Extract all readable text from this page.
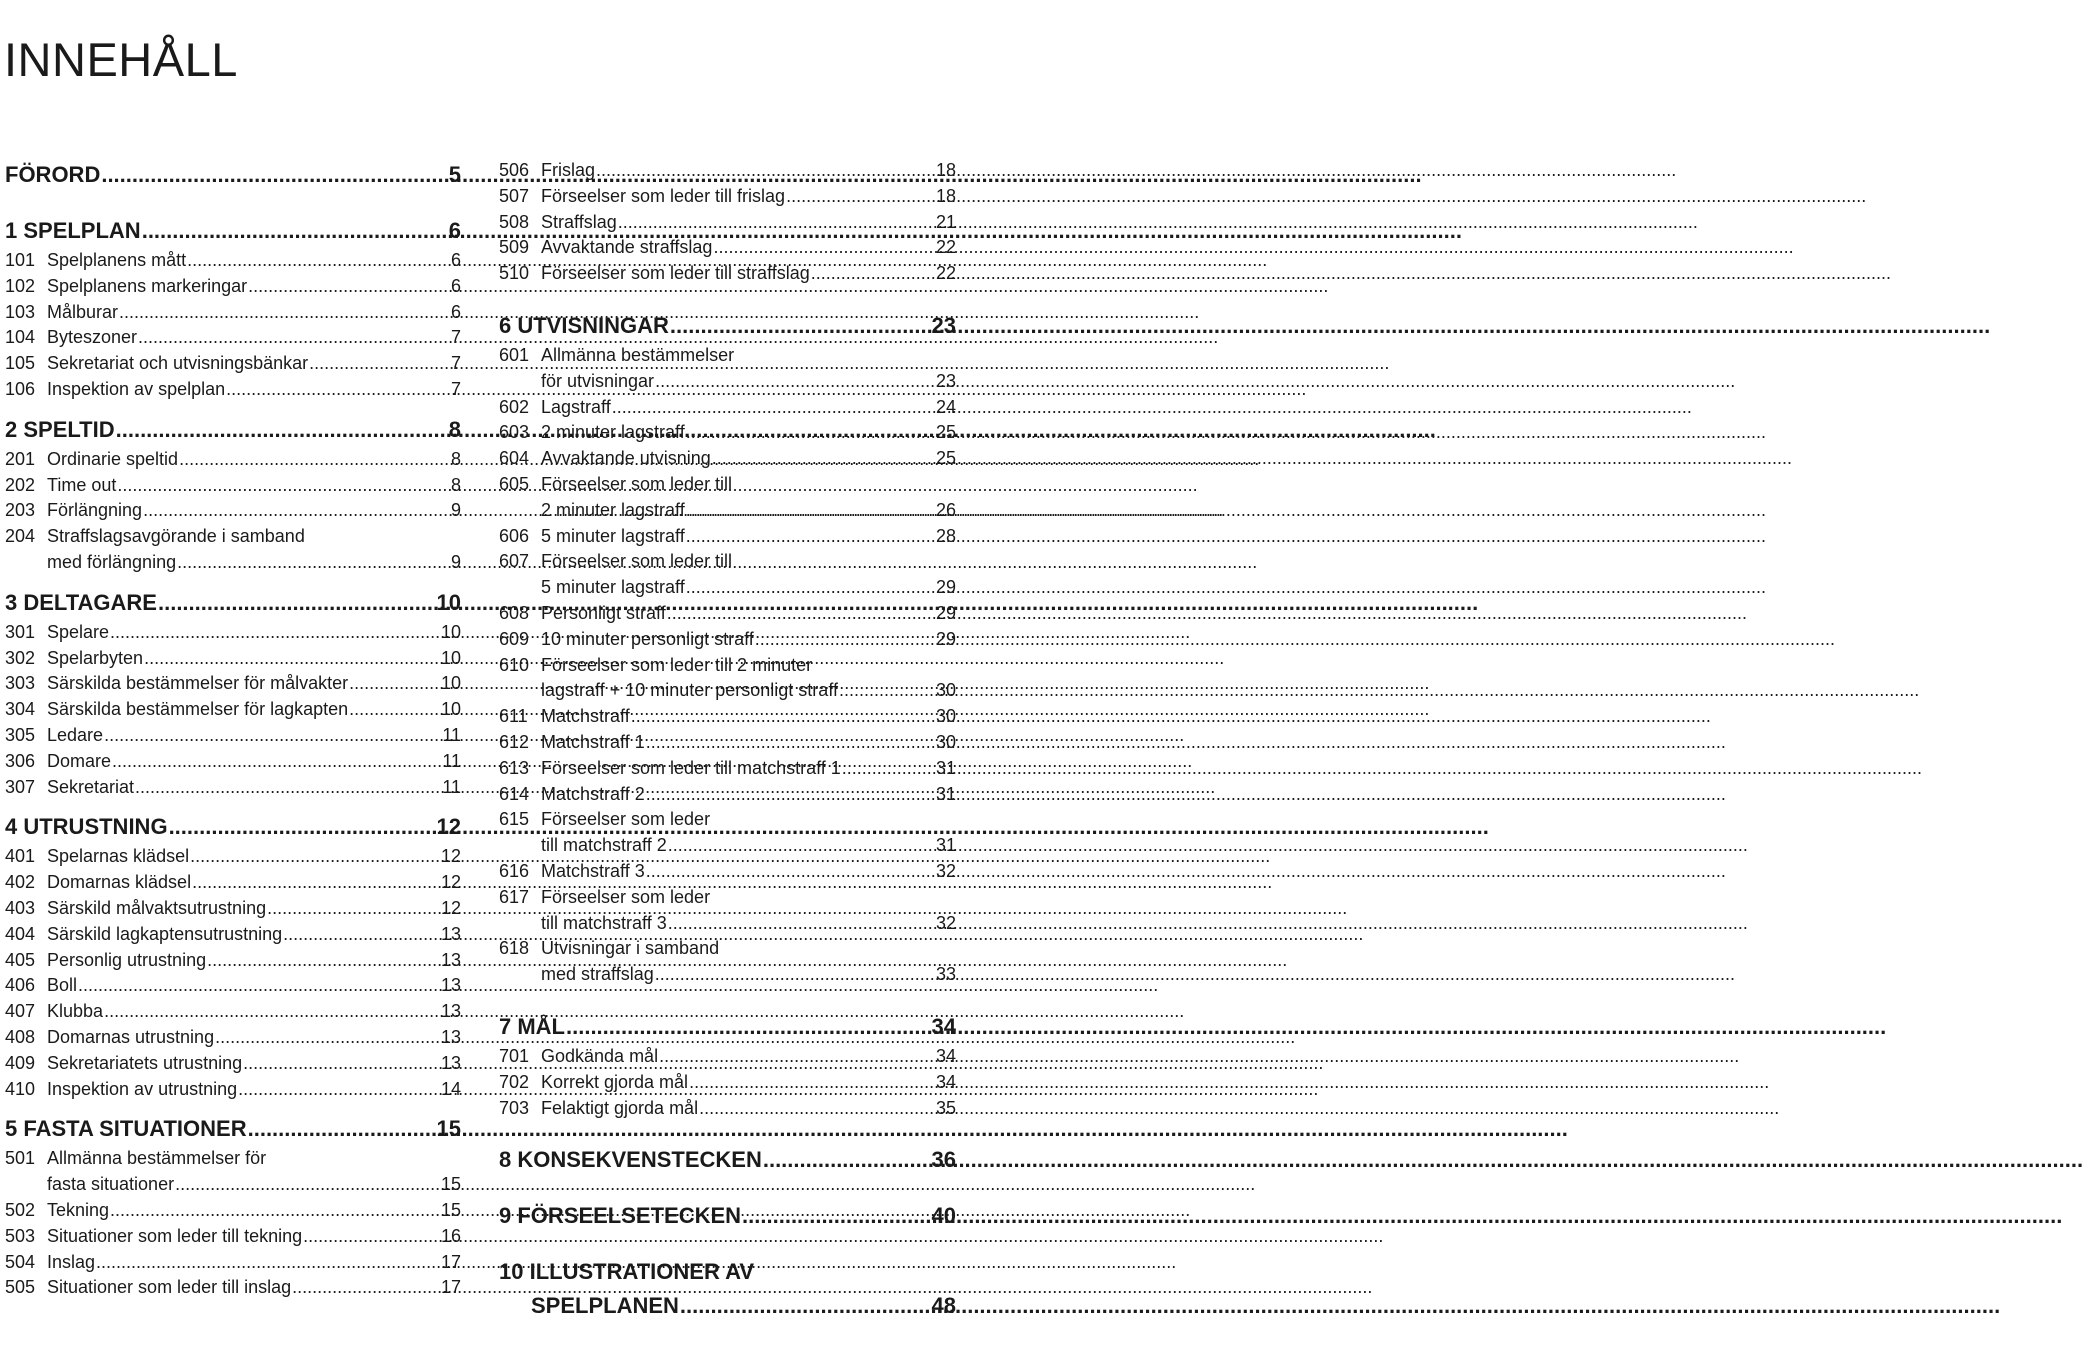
INNEHÅLL
FÖRORD .....	5
1 SPELPLAN .....	6
101 Spelplanens mått .....	6
102 Spelplanens markeringar .....	6
103 Målburar .....	6
104 Byteszoner .....	7
105 Sekretariat och utvisningsbänkar .....	7
106 Inspektion av spelplan .....	7
2 SPELTID .....	8
201 Ordinarie speltid .....	8
202 Time out .....	8
203 Förlängning .....	9
204 Straffslagsavgörande i samband
med förlängning .....	9
3 DELTAGARE .....	10
301 Spelare .....	10
302 Spelarbyten .....	10
303 Särskilda bestämmelser för målvakter .....	10
304 Särskilda bestämmelser för lagkapten .....	10
305 Ledare .....	11
306 Domare .....	11
307 Sekretariat .....	11
4 UTRUSTNING .....	12
401 Spelarnas klädsel .....	12
402 Domarnas klädsel .....	12
403 Särskild målvaktsutrustning .....	12
404 Särskild lagkaptensutrustning .....	13
405 Personlig utrustning .....	13
406 Boll .....	13
407 Klubba .....	13
408 Domarnas utrustning .....	13
409 Sekretariatets utrustning .....	13
410 Inspektion av utrustning .....	14
5 FASTA SITUATIONER .....	15
501 Allmänna bestämmelser för
fasta situationer .....	15
502 Tekning .....	15
503 Situationer som leder till tekning .....	16
504 Inslag .....	17
505 Situationer som leder till inslag .....	17
506 Frislag .....	18
507 Förseelser som leder till frislag .....	18
508 Straffslag .....	21
509 Avvaktande straffslag .....	22
510 Förseelser som leder till straffslag .....	22
6 UTVISNINGAR .....	23
601 Allmänna bestämmelser
för utvisningar .....	23
602 Lagstraff .....	24
603 2 minuter lagstraff .....	25
604 Avvaktande utvisning .....	25
605 Förseelser som leder till
2 minuter lagstraff .....	26
606 5 minuter lagstraff .....	28
607 Förseelser som leder till
5 minuter lagstraff .....	29
608 Personligt straff .....	29
609 10 minuter personligt straff .....	29
610 Förseelser som leder till 2 minuter
lagstraff + 10 minuter personligt straff .....	30
611 Matchstraff .....	30
612 Matchstraff 1 .....	30
613 Förseelser som leder till matchstraff 1 .....	31
614 Matchstraff 2 .....	31
615 Förseelser som leder
till matchstraff 2 .....	31
616 Matchstraff 3 .....	32
617 Förseelser som leder
till matchstraff 3 .....	32
618 Utvisningar i samband
med straffslag .....	33
7 MÅL .....	34
701 Godkända mål .....	34
702 Korrekt gjorda mål .....	34
703 Felaktigt gjorda mål .....	35
8 KONSEKVENSTECKEN .....	36
9 FÖRSEELSETECKEN .....	40
10 ILLUSTRATIONER AV
SPELPLANEN .....	48
